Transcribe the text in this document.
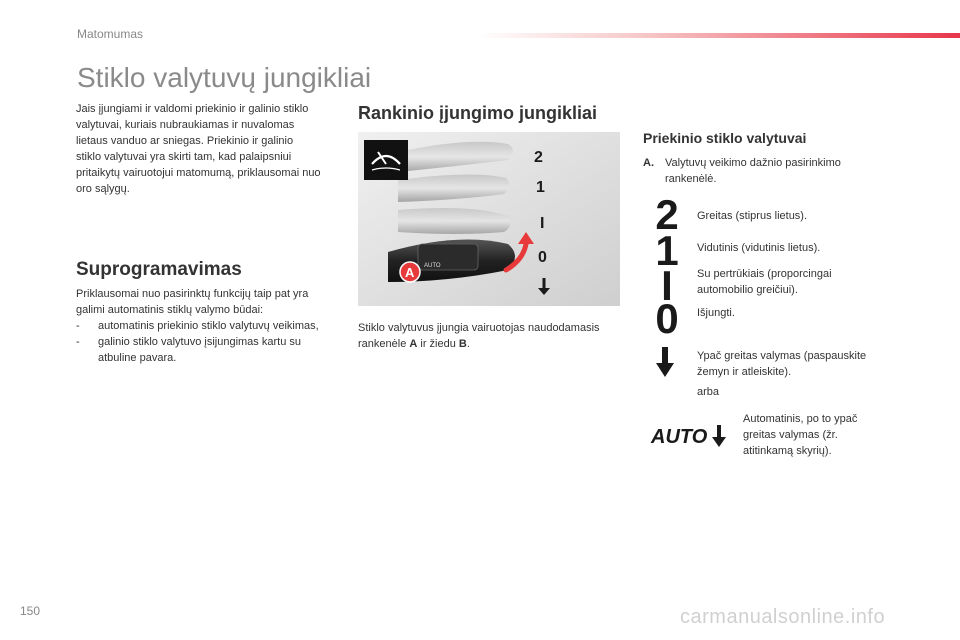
Matomumas
Stiklo valytuvų jungikliai
Jais įjungiami ir valdomi priekinio ir galinio stiklo valytuvai, kuriais nubraukiamas ir nuvalomas lietaus vanduo ar sniegas. Priekinio ir galinio stiklo valytuvai yra skirti tam, kad palaipsniui pritaikytų vairuotojui matomumą, priklausomai nuo oro sąlygų.
Suprogramavimas
Priklausomai nuo pasirinktų funkcijų taip pat yra galimi automatinis stiklų valymo būdai:
- automatinis priekinio stiklo valytuvų veikimas,
- galinio stiklo valytuvo įsijungimas kartu su atbuline pavara.
Rankinio įjungimo jungikliai
AUTO
2
1
I
0
A
Stiklo valytuvus įjungia vairuotojas naudodamasis rankenėle A ir žiedu B.
Priekinio stiklo valytuvai
A.	Valytuvų veikimo dažnio pasirinkimo rankenėlė.
2	Greitas (stiprus lietus).
1	Vidutinis (vidutinis lietus).
I	Su pertrūkiais (proporcingai automobilio greičiui).
0	Išjungti.
Ypač greitas valymas (paspauskite žemyn ir atleiskite).
arba
AUTO
Automatinis, po to ypač greitas valymas (žr. atitinkamą skyrių).
150	carmanualsonline.info
